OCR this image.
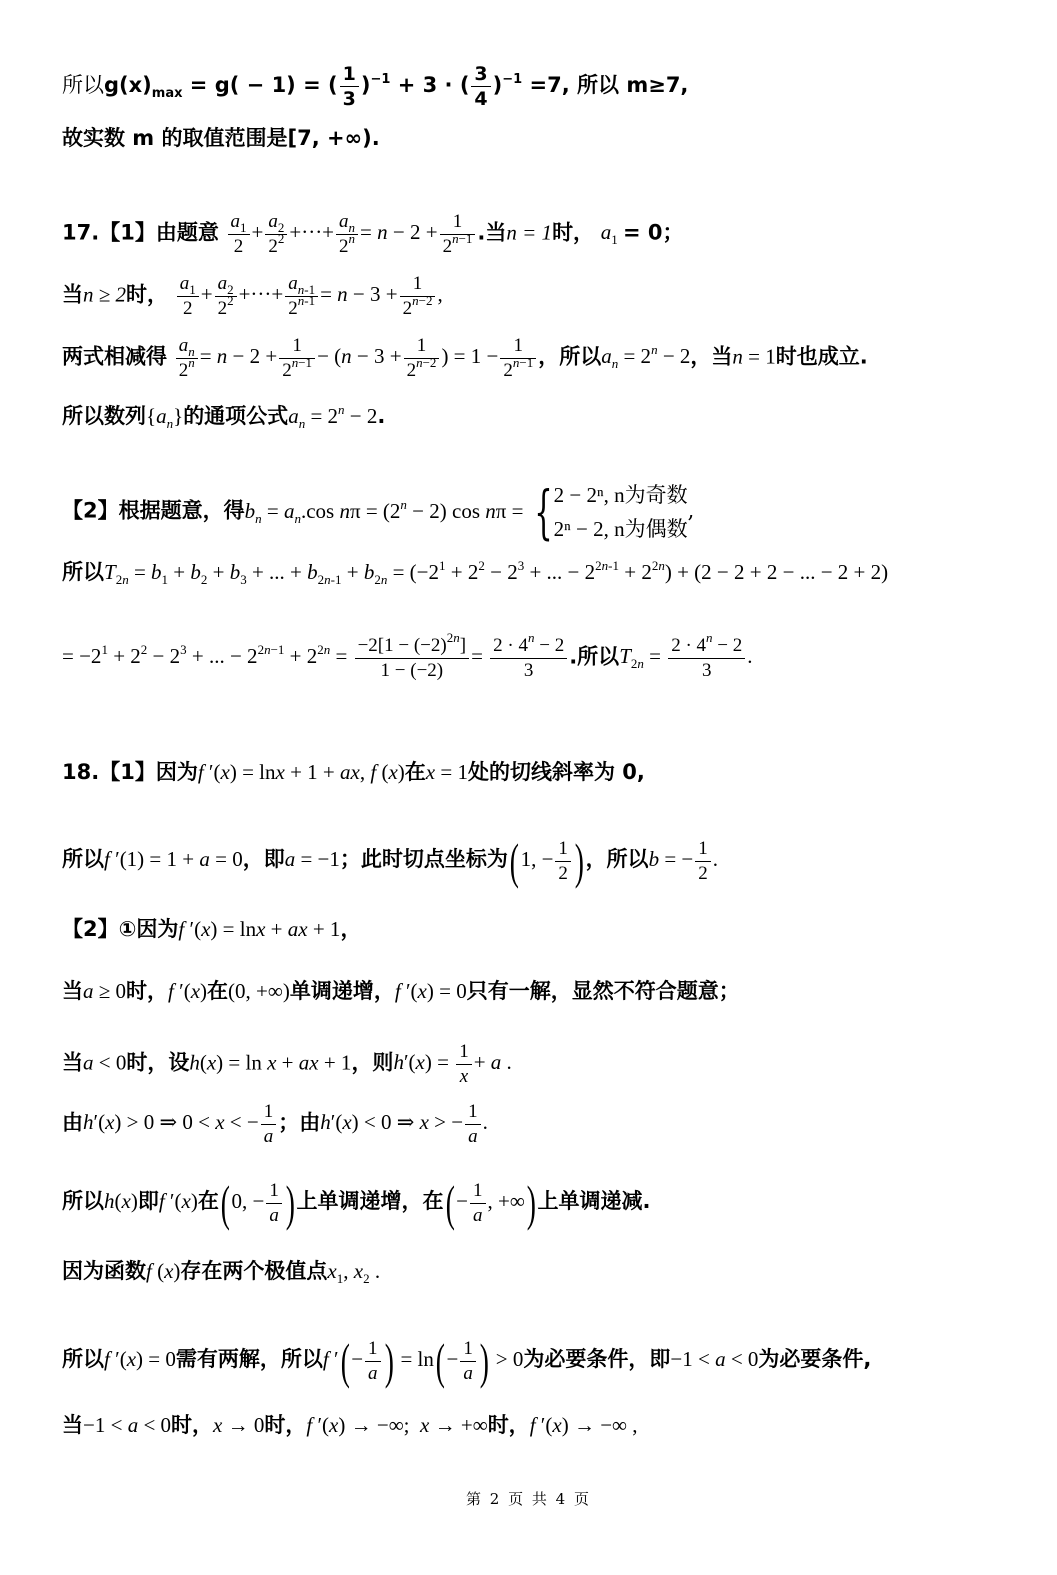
所以$g(x)_{max} = g( - 1)$ = ( $\frac{1}{3} )^{-1} + 3$ · ( $\frac{3}{4} )^{-1} =7$, 所以 m≥7,
故实数 m 的取值范围是[7, +∞).
17.【1】由题意 $\frac{a_1}{2} + \frac{a_2}{2^2}$ +···+ $\frac{a_n}{2^n} = n - 2 + \frac{1}{2^{n-1}}$ .当n = 1时， $a_1 = 0$；
当n ≥ 2时， $\frac{a_1}{2} + \frac{a_2}{2^2}$ +···+ $\frac{a_{n-1}}{2^{n-1}} = n - 3 + \frac{1}{2^{n-2}}$ ,
两式相减得 $\frac{a_n}{2^n} = n - 2 + \frac{1}{2^{n-1}} - (n - 3 + \frac{1}{2^{n-2}}$ ) = $1 - \frac{1}{2^{n-1}}$ ，所以$a_n = 2^n - 2$，当n = 1时也成立.
所以数列$\{a_n\}$的通项公式$a_n = 2^n - 2$.
【2】根据题意，得$b_n = a_n.\cos$ $n\pi = (2^n - 2)$ cos nπ = { 2 − 2ⁿ, n为奇数
2ⁿ − 2, n为偶数
,
所以$T_{2n} = b_1 + b_2 + b_3$ + ... + $b_{2n-1} + b_{2n} = (-2^1 + 2^2 - 2^3$ + ... − $2^{2n-1} + 2^{2n}) + (2 - 2 + 2$ − ... − 2 + 2)
= $-2^1 + 2^2 - 2^3$ + ... − $2^{2n-1} + 2^{2n} = \frac{-2[1 - (-2)^{2n}]}{1 - (-2)} = \frac{2 \cdot 4^n - 2}{3}$ .所以$T_{2n} = \frac{2 \cdot 4^n - 2}{3}$ .
18.【1】因为f ′(x) = lnx + 1 + ax, f (x)在x = 1处的切线斜率为 0,
所以f ′(1) = 1 + a = 0，即a = −1；此时切点坐标为(1, − $\frac{1}{2}$ )，所以b = − $\frac{1}{2}$ .
【2】①因为f ′(x) = lnx + ax + 1，
当a ≥ 0时，f ′(x)在(0, +∞)单调递增，f ′(x) = 0只有一解，显然不符合题意；
当a < 0时，设h(x) = ln x + ax + 1，则$h'(x) = \frac{1}{x} + a$ .
由h′(x) > 0 ⇒ 0 < x < − $\frac{1}{a}$ ；由h′(x) < 0 ⇒ x > − $\frac{1}{a}$ .
所以h(x)即f ′(x)在(0, − $\frac{1}{a}$ )上单调递增，在(− $\frac{1}{a}$ , +∞)上单调递减.
因为函数f (x)存在两个极值点$x_1$, $x_2$ .
所以f ′(x) = 0需有两解，所以f ′(− $\frac{1}{a}$ ) = $\ln(- \frac{1}{a}$ ) > 0为必要条件，即−1 < a < 0为必要条件,
当−1 < a < 0时，x → 0时，f ′(x) → −∞;  x → +∞时，f ′(x) → −∞ ,
第 2 页 共 4 页
